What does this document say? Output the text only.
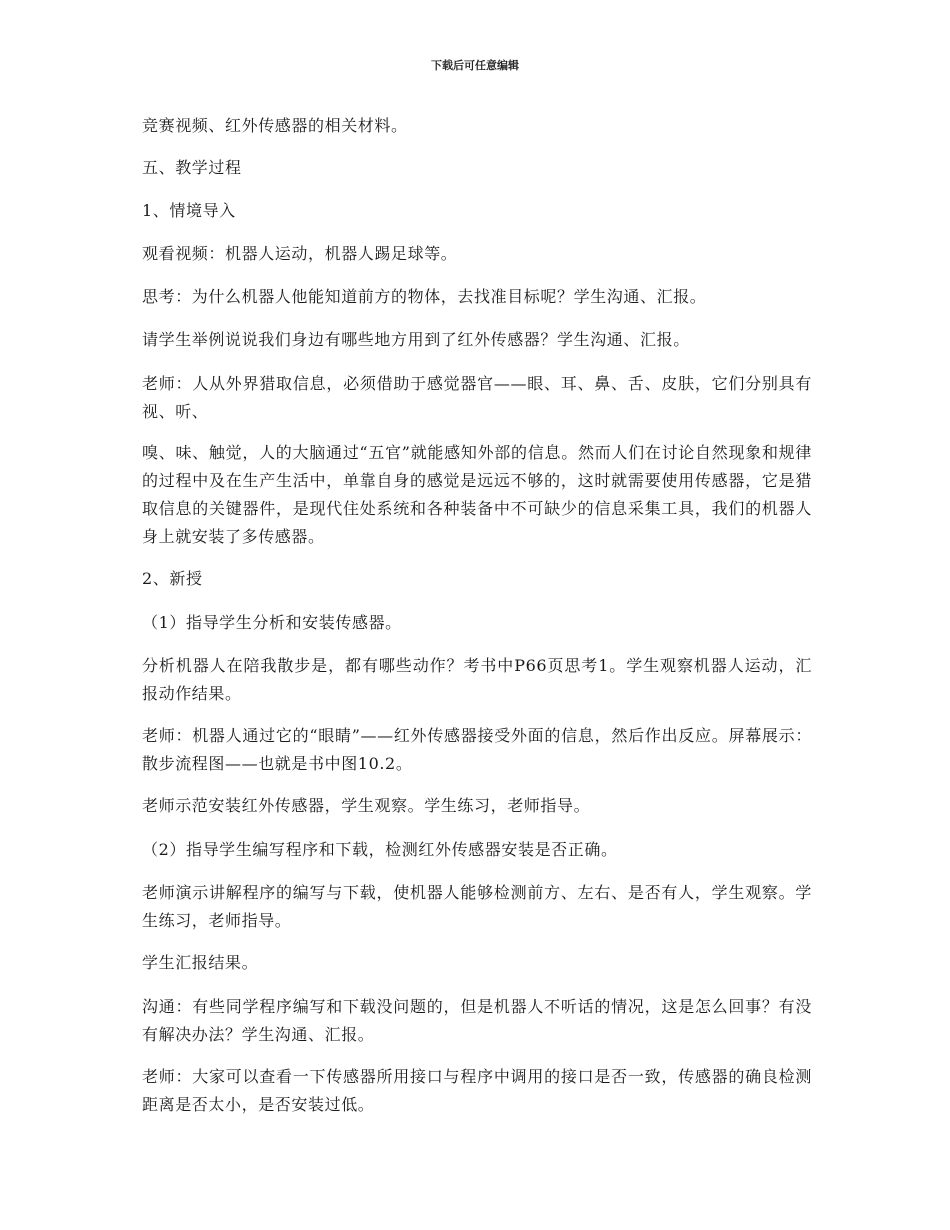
下载后可任意编辑
竞赛视频、红外传感器的相关材料。
五、教学过程
1、情境导入
观看视频：机器人运动，机器人踢足球等。
思考：为什么机器人他能知道前方的物体，去找准目标呢？学生沟通、汇报。
请学生举例说说我们身边有哪些地方用到了红外传感器？学生沟通、汇报。
老师：人从外界猎取信息，必须借助于感觉器官——眼、耳、鼻、舌、皮肤，它们分别具有视、听、
嗅、味、触觉，人的大脑通过“五官”就能感知外部的信息。然而人们在讨论自然现象和规律的过程中及在生产生活中，单靠自身的感觉是远远不够的，这时就需要使用传感器，它是猎取信息的关键器件，是现代住处系统和各种装备中不可缺少的信息采集工具，我们的机器人身上就安装了多传感器。
2、新授
（1）指导学生分析和安装传感器。
分析机器人在陪我散步是，都有哪些动作？考书中P66页思考1。学生观察机器人运动，汇报动作结果。
老师：机器人通过它的“眼睛”——红外传感器接受外面的信息，然后作出反应。屏幕展示：散步流程图——也就是书中图10.2。
老师示范安装红外传感器，学生观察。学生练习，老师指导。
（2）指导学生编写程序和下载，检测红外传感器安装是否正确。
老师演示讲解程序的编写与下载，使机器人能够检测前方、左右、是否有人，学生观察。学生练习，老师指导。
学生汇报结果。
沟通：有些同学程序编写和下载没问题的，但是机器人不听话的情况，这是怎么回事？有没有解决办法？学生沟通、汇报。
老师：大家可以查看一下传感器所用接口与程序中调用的接口是否一致，传感器的确良检测距离是否太小，是否安装过低。
